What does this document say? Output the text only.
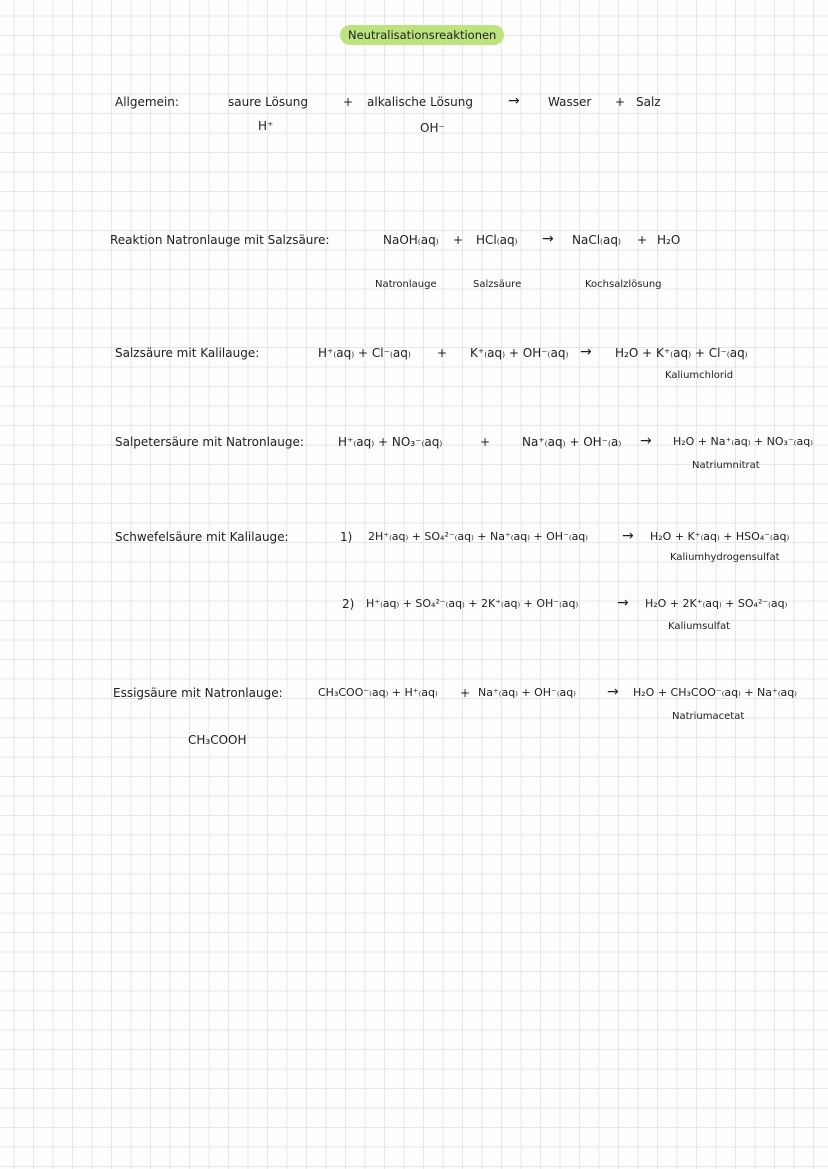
Neutralisationsreaktionen
Allgemein:	saure Lösung	+ alkalische Lösung	→ Wasser + Salz
H⁺	OH⁻
Reaktion Natronlauge mit Salzsäure:	NaOH₍aq₎ + HCl₍aq₎ → NaCl₍aq₎ + H₂O
Natronlauge	Salzsäure	Kochsalzlösung
Salzsäure mit Kalilauge:	H⁺₍aq₎ + Cl⁻₍aq₎ + K⁺₍aq₎ + OH⁻₍aq₎ → H₂O + K⁺₍aq₎ + Cl⁻₍aq₎
Kaliumchlorid
Salpetersäure mit Natronlauge:	H⁺₍aq₎ + NO₃⁻₍aq₎	+	Na⁺₍aq₎ + OH⁻₍a₎ → H₂O + Na⁺₍aq₎ + NO₃⁻₍aq₎
Natriumnitrat
Schwefelsäure mit Kalilauge:	1) 2H⁺₍aq₎ + SO₄²⁻₍aq₎ + Na⁺₍aq₎ + OH⁻₍aq₎ → H₂O + K⁺₍aq₎ + HSO₄⁻₍aq₎
Kaliumhydrogensulfat
2) H⁺₍aq₎ + SO₄²⁻₍aq₎ + 2K⁺₍aq₎ + OH⁻₍aq₎	→ H₂O + 2K⁺₍aq₎ + SO₄²⁻₍aq₎
Kaliumsulfat
Essigsäure mit Natronlauge:	CH₃COO⁻₍aq₎ + H⁺₍aq₎ + Na⁺₍aq₎ + OH⁻₍aq₎ → H₂O + CH₃COO⁻₍aq₎ + Na⁺₍aq₎
Natriumacetat
CH₃COOH
